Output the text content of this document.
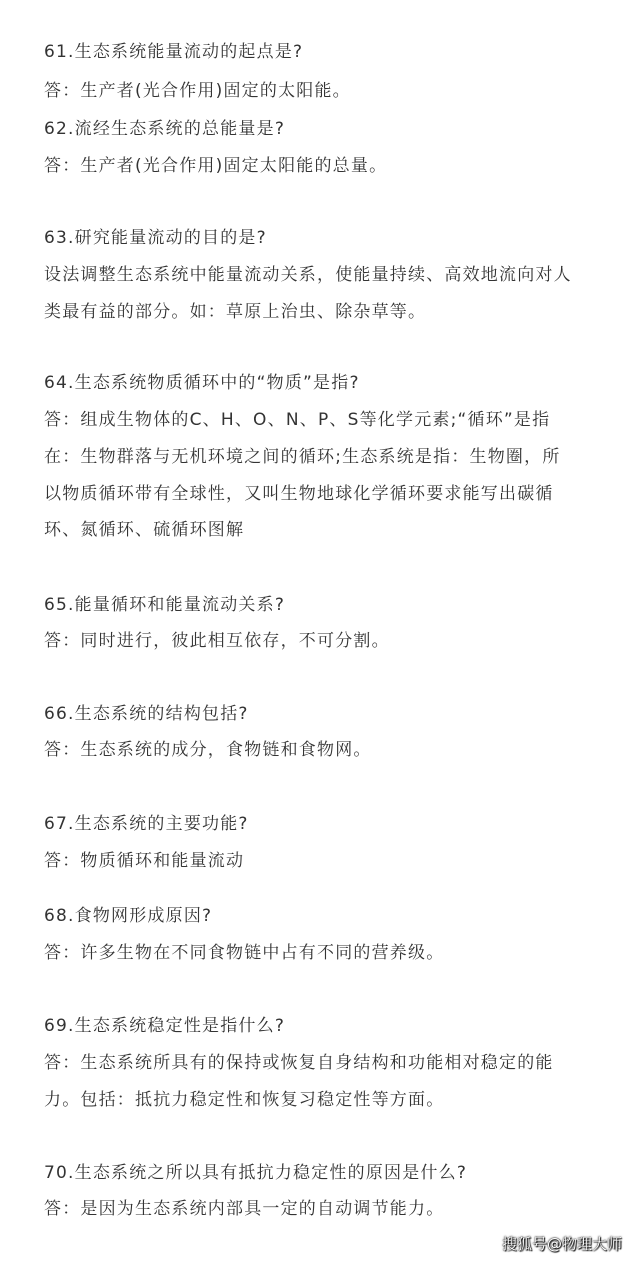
61.生态系统能量流动的起点是?

答：生产者(光合作用)固定的太阳能。

62.流经生态系统的总能量是?

答：生产者(光合作用)固定太阳能的总量。

63.研究能量流动的目的是?

设法调整生态系统中能量流动关系，使能量持续、高效地流向对人

类最有益的部分。如：草原上治虫、除杂草等。

64.生态系统物质循环中的“物质”是指?

答：组成生物体的C、H、O、N、P、S等化学元素;“循环”是指

在：生物群落与无机环境之间的循环;生态系统是指：生物圈，所

以物质循环带有全球性，又叫生物地球化学循环要求能写出碳循

环、氮循环、硫循环图解

65.能量循环和能量流动关系?

答：同时进行，彼此相互依存，不可分割。

66.生态系统的结构包括?

答：生态系统的成分，食物链和食物网。

67.生态系统的主要功能?

答：物质循环和能量流动

68.食物网形成原因?

答：许多生物在不同食物链中占有不同的营养级。

69.生态系统稳定性是指什么?

答：生态系统所具有的保持或恢复自身结构和功能相对稳定的能

力。包括：抵抗力稳定性和恢复习稳定性等方面。

70.生态系统之所以具有抵抗力稳定性的原因是什么?

答：是因为生态系统内部具一定的自动调节能力。

搜狐号@物理大师
